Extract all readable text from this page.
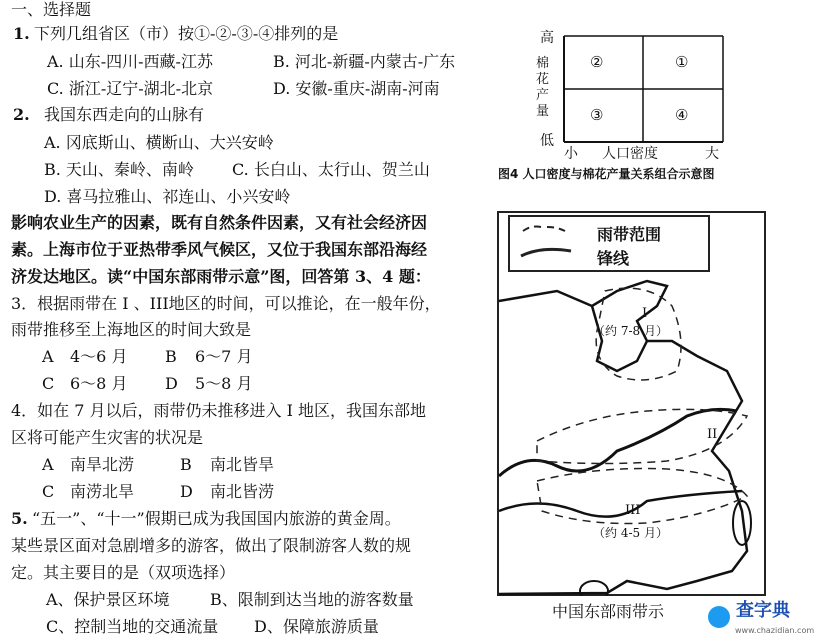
一、选择题
1. 下列几组省区（市）按①-②-③-④排列的是
A. 山东-四川-西藏-江苏	B. 河北-新疆-内蒙古-广东
C. 浙江-辽宁-湖北-北京	D. 安徽-重庆-湖南-河南
2. 我国东西走向的山脉有
A. 冈底斯山、横断山、大兴安岭
B. 天山、秦岭、南岭 C. 长白山、太行山、贺兰山
D. 喜马拉雅山、祁连山、小兴安岭
影响农业生产的因素，既有自然条件因素，又有社会经济因
素。上海市位于亚热带季风气候区，又位于我国东部沿海经
济发达地区。读“中国东部雨带示意”图，回答第 3、4 题：
3．根据雨带在 I 、III地区的时间，可以推论，在一般年份，
雨带推移至上海地区的时间大致是
A 4～6 月 B 6～7 月
C 6～8 月 D 5～8 月
4．如在 7 月以后，雨带仍未推移进入 I 地区，我国东部地
区将可能产生灾害的状况是
A 南旱北涝	B 南北皆旱
C 南涝北旱	D 南北皆涝
5. “五一”、“十一”假期已成为我国国内旅游的黄金周。
某些景区面对急剧增多的游客，做出了限制游客人数的规
定。其主要目的是（双项选择）
A、保护景区环境	B、限制到达当地的游客数量
C、控制当地的交通流量 D、保障旅游质量
高
棉花产量
低
②	①
③	④
小 人口密度	大
图4 人口密度与棉花产量关系组合示意图
雨带范围
锋线
I
（约 7-8 月）
II
III
（约 4-5 月）
中国东部雨带示	查字典
www.chazidian.com
